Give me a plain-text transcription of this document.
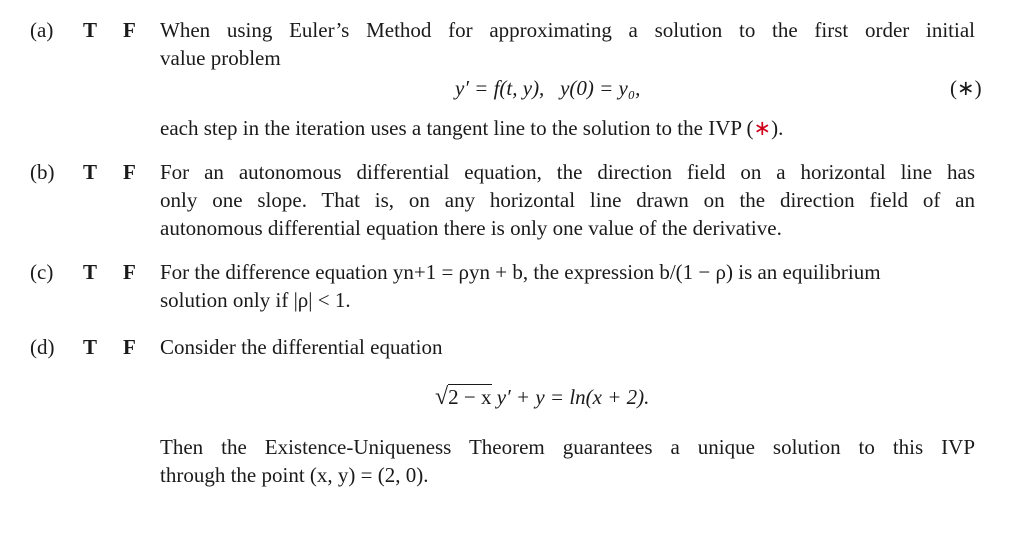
(a) T F When using Euler’s Method for approximating a solution to the first order initial
value problem
y′ = f(t, y), y(0) = y₀,	(∗)
each step in the iteration uses a tangent line to the solution to the IVP (∗).
(b) T F For an autonomous differential equation, the direction field on a horizontal line has
only one slope. That is, on any horizontal line drawn on the direction field of an
autonomous differential equation there is only one value of the derivative.
(c) T F For the difference equation yn+1 = ρyn + b, the expression b/(1 − ρ) is an equilibrium
solution only if |ρ| < 1.
(d) T F Consider the differential equation
√2 − x y′ + y = ln(x + 2).
Then the Existence-Uniqueness Theorem guarantees a unique solution to this IVP
through the point (x, y) = (2, 0).
